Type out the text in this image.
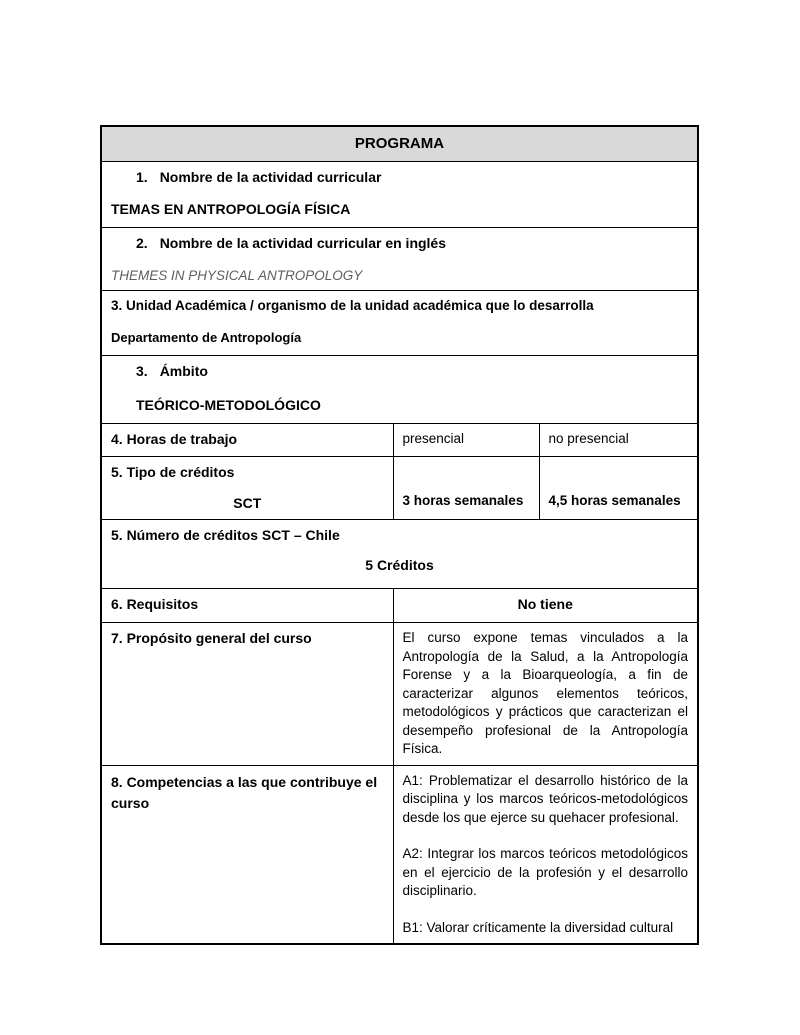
PROGRAMA		

1. Nombre de la actividad curricular
TEMAS EN ANTROPOLOGÍA FÍSICA		

2. Nombre de la actividad curricular en inglés
THEMES IN PHYSICAL ANTROPOLOGY		

3. Unidad Académica / organismo de la unidad académica que lo desarrolla
Departamento de Antropología		

3. Ámbito
TEÓRICO-METODOLÓGICO		

4. Horas de trabajo	presencial	no presencial

5. Tipo de créditos
SCT	3 horas semanales	4,5 horas semanales

5. Número de créditos SCT – Chile
5 Créditos		

6. Requisitos	No tiene	
7. Propósito general del curso	El curso expone temas vinculados a la Antropología de la Salud, a la Antropología Forense y a la Bioarqueología, a fin de caracterizar algunos elementos teóricos, metodológicos y prácticos que caracterizan el desempeño profesional de la Antropología Física.	

8. Competencias a las que contribuye el curso	A1: Problematizar el desarrollo histórico de la disciplina y los marcos teóricos-metodológicos desde los que ejerce su quehacer profesional.

A2: Integrar los marcos teóricos metodológicos en el ejercicio de la profesión y el desarrollo disciplinario.

B1: Valorar críticamente la diversidad cultural	
